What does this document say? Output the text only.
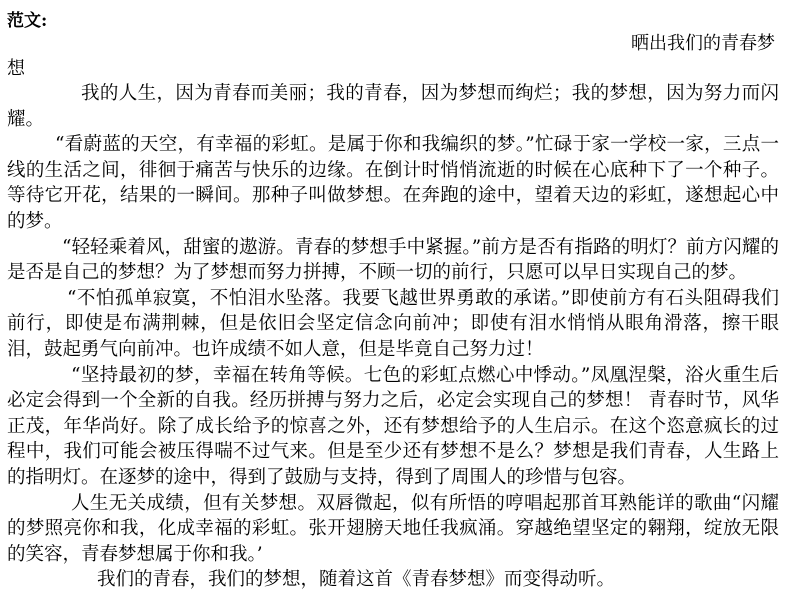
范文:
晒出我们的青春梦
想

我的人生，因为青春而美丽；我的青春，因为梦想而绚烂；我的梦想，因为努力而闪耀。

“看蔚蓝的天空，有幸福的彩虹。是属于你和我编织的梦。”忙碌于家一学校一家，三点一线的生活之间，徘徊于痛苦与快乐的边缘。在倒计时悄悄流逝的时候在心底种下了一个种子。等待它开花，结果的一瞬间。那种子叫做梦想。在奔跑的途中，望着天边的彩虹，遂想起心中的梦。

“轻轻乘着风，甜蜜的遨游。青春的梦想手中紧握。”前方是否有指路的明灯？前方闪耀的是否是自己的梦想？为了梦想而努力拼搏，不顾一切的前行，只愿可以早日实现自己的梦。

“不怕孤单寂寞，不怕泪水坠落。我要飞越世界勇敢的承诺。”即使前方有石头阻碍我们前行，即使是布满荆棘，但是依旧会坚定信念向前冲；即使有泪水悄悄从眼角滑落，擦干眼泪，鼓起勇气向前冲。也许成绩不如人意，但是毕竟自己努力过！

“坚持最初的梦，幸福在转角等候。七色的彩虹点燃心中悸动。”凤凰涅槃，浴火重生后必定会得到一个全新的自我。经历拼搏与努力之后，必定会实现自己的梦想！ 青春时节，风华正茂，年华尚好。除了成长给予的惊喜之外，还有梦想给予的人生启示。在这个恣意疯长的过程中，我们可能会被压得喘不过气来。但是至少还有梦想不是么？梦想是我们青春，人生路上的指明灯。在逐梦的途中，得到了鼓励与支持，得到了周围人的珍惜与包容。

人生无关成绩，但有关梦想。双唇微起，似有所悟的哼唱起那首耳熟能详的歌曲“闪耀的梦照亮你和我，化成幸福的彩虹。张开翅膀天地任我疯涌。穿越绝望坚定的翱翔，绽放无限的笑容，青春梦想属于你和我。’

我们的青春，我们的梦想，随着这首《青春梦想》而变得动听。
